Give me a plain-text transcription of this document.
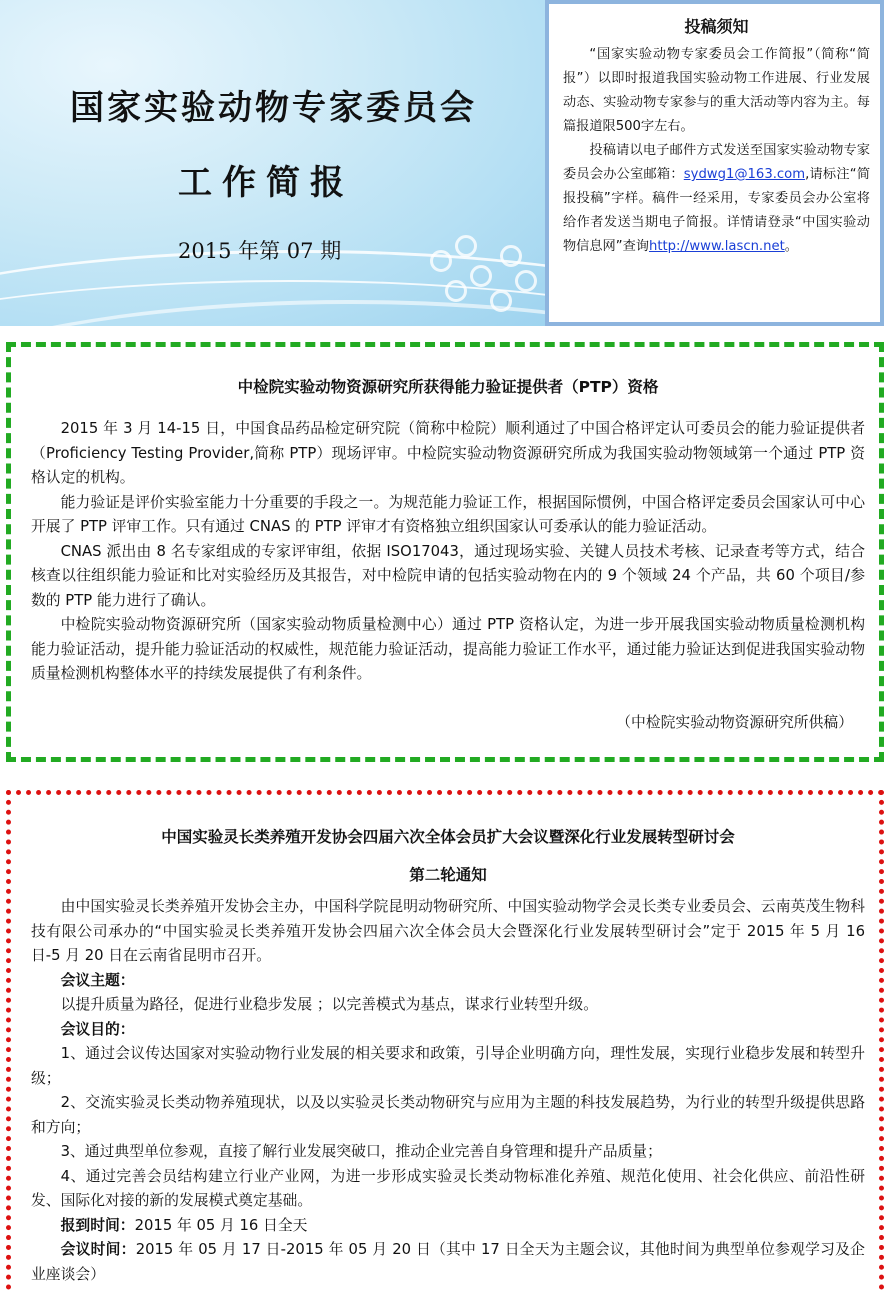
国家实验动物专家委员会
工作简报
2015 年第 07 期
投稿须知

“国家实验动物专家委员会工作简报”（简称“简报”）以即时报道我国实验动物工作进展、行业发展动态、实验动物专家参与的重大活动等内容为主。每篇报道限500字左右。

投稿请以电子邮件方式发送至国家实验动物专家委员会办公室邮箱：sydwg1@163.com,请标注“简报投稿”字样。稿件一经采用，专家委员会办公室将给作者发送当期电子简报。详情请登录“中国实验动物信息网”查询http://www.lascn.net。

中检院实验动物资源研究所获得能力验证提供者（PTP）资格

2015 年 3 月 14-15 日，中国食品药品检定研究院（简称中检院）顺利通过了中国合格评定认可委员会的能力验证提供者（Proficiency Testing Provider,简称 PTP）现场评审。中检院实验动物资源研究所成为我国实验动物领域第一个通过 PTP 资格认定的机构。

能力验证是评价实验室能力十分重要的手段之一。为规范能力验证工作，根据国际惯例，中国合格评定委员会国家认可中心开展了 PTP 评审工作。只有通过 CNAS 的 PTP 评审才有资格独立组织国家认可委承认的能力验证活动。

CNAS 派出由 8 名专家组成的专家评审组，依据 ISO17043，通过现场实验、关键人员技术考核、记录查考等方式，结合核查以往组织能力验证和比对实验经历及其报告，对中检院申请的包括实验动物在内的 9 个领域 24 个产品，共 60 个项目/参数的 PTP 能力进行了确认。

中检院实验动物资源研究所（国家实验动物质量检测中心）通过 PTP 资格认定，为进一步开展我国实验动物质量检测机构能力验证活动，提升能力验证活动的权威性，规范能力验证活动，提高能力验证工作水平，通过能力验证达到促进我国实验动物质量检测机构整体水平的持续发展提供了有利条件。

（中检院实验动物资源研究所供稿）
中国实验灵长类养殖开发协会四届六次全体会员扩大会议暨深化行业发展转型研讨会
第二轮通知

由中国实验灵长类养殖开发协会主办，中国科学院昆明动物研究所、中国实验动物学会灵长类专业委员会、云南英茂生物科技有限公司承办的“中国实验灵长类养殖开发协会四届六次全体会员大会暨深化行业发展转型研讨会”定于 2015 年 5 月 16 日-5 月 20 日在云南省昆明市召开。

会议主题：

以提升质量为路径，促进行业稳步发展 ；以完善模式为基点，谋求行业转型升级。

会议目的：

1、通过会议传达国家对实验动物行业发展的相关要求和政策，引导企业明确方向，理性发展，实现行业稳步发展和转型升级；

2、交流实验灵长类动物养殖现状，以及以实验灵长类动物研究与应用为主题的科技发展趋势，为行业的转型升级提供思路和方向；

3、通过典型单位参观，直接了解行业发展突破口，推动企业完善自身管理和提升产品质量；

4、通过完善会员结构建立行业产业网，为进一步形成实验灵长类动物标准化养殖、规范化使用、社会化供应、前沿性研发、国际化对接的新的发展模式奠定基础。

报到时间：2015 年 05 月 16 日全天

会议时间：2015 年 05 月 17 日-2015 年 05 月 20 日（其中 17 日全天为主题会议，其他时间为典型单位参观学习及企业座谈会）
